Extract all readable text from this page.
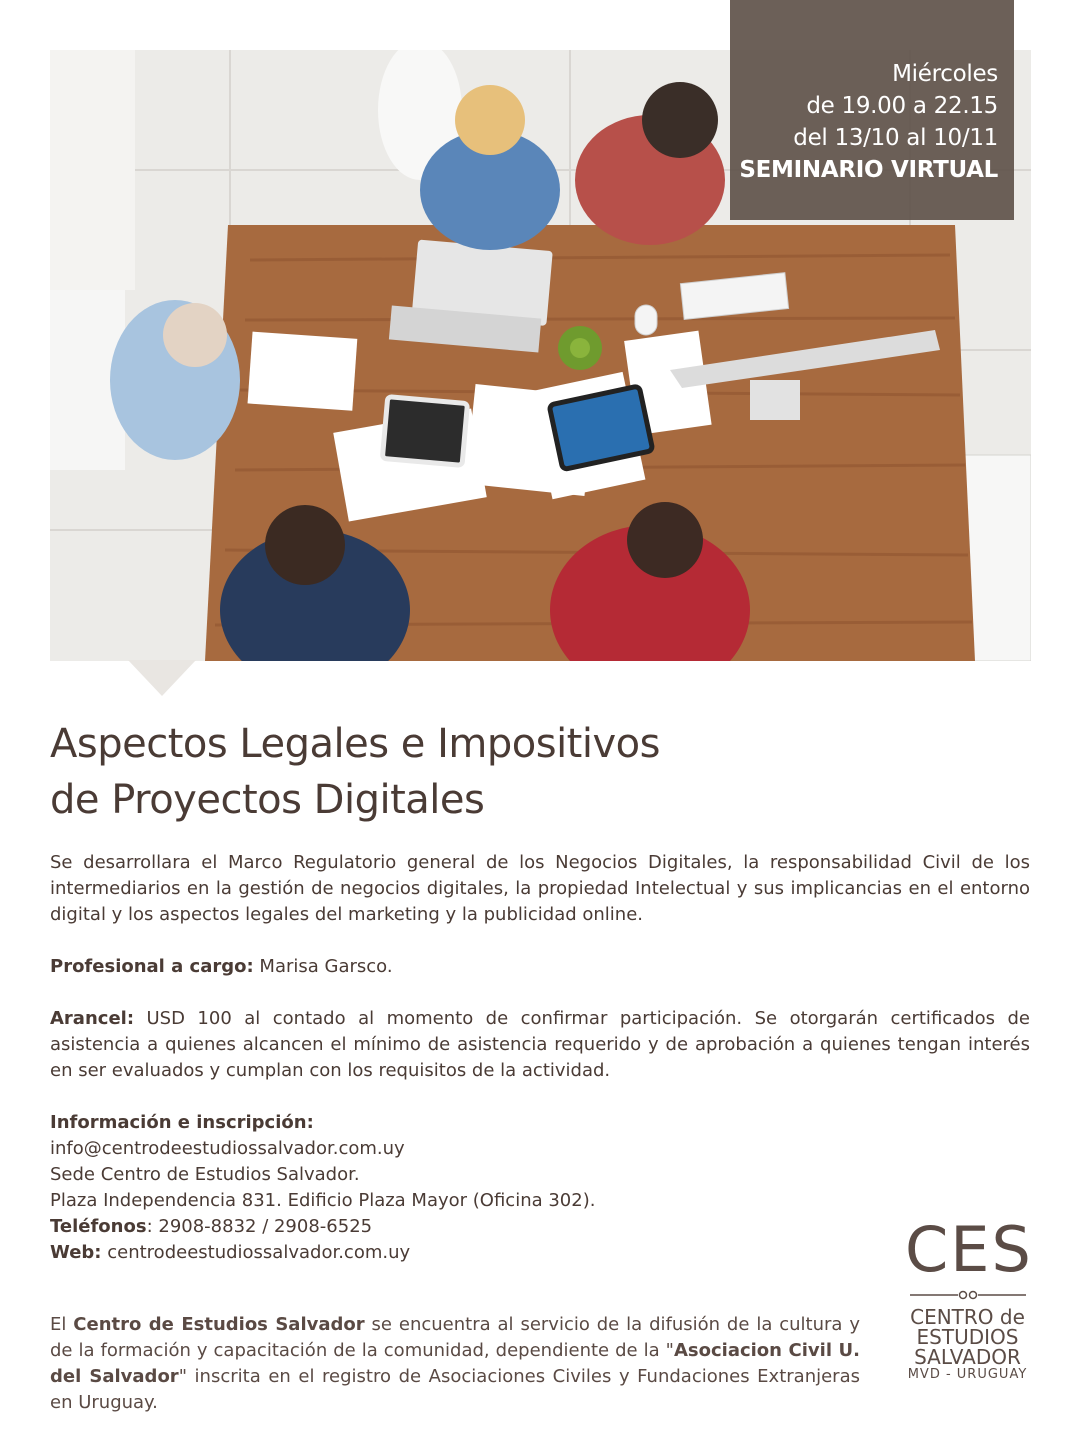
Miércoles
de 19.00 a 22.15
del 13/10 al 10/11
SEMINARIO VIRTUAL
Aspectos Legales e Impositivos
de Proyectos Digitales

Se desarrollara el Marco Regulatorio general de los Negocios Digitales, la responsabilidad Civil de los intermediarios en la gestión de negocios digitales, la propiedad Intelectual y sus implicancias en el entorno digital y los aspectos legales del marketing y la publicidad online.

Profesional a cargo: Marisa Garsco.

Arancel: USD 100 al contado al momento de confirmar participación. Se otorgarán certificados de asistencia a quienes alcancen el mínimo de asistencia requerido y de aprobación a quienes tengan interés en ser evaluados y cumplan con los requisitos de la actividad.

Información e inscripción:
info@centrodeestudiossalvador.com.uy
Sede Centro de Estudios Salvador.
Plaza Independencia 831. Edificio Plaza Mayor (Oficina 302).
Teléfonos: 2908-8832 / 2908-6525
Web: centrodeestudiossalvador.com.uy

El Centro de Estudios Salvador se encuentra al servicio de la difusión de la cultura y de la formación y capacitación de la comunidad, dependiente de la "Asociacion Civil U. del Salvador" inscrita en el registro de Asociaciones Civiles y Fundaciones Extranjeras en Uruguay.

CES
CENTRO de
ESTUDIOS
SALVADOR
MVD - URUGUAY
